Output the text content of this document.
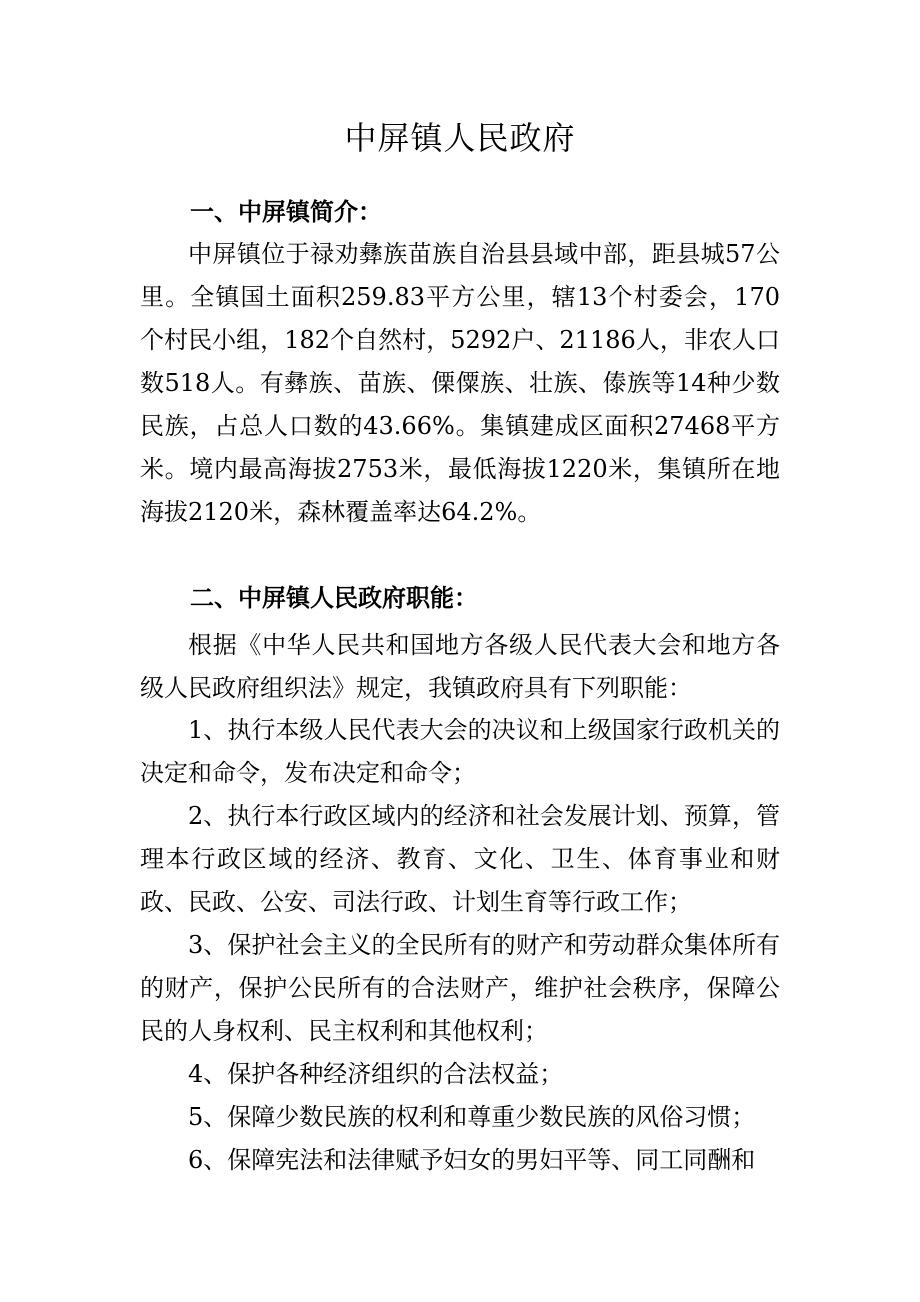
中屏镇人民政府
一、中屏镇简介：

中屏镇位于禄劝彝族苗族自治县县域中部，距县城57公里。全镇国土面积259.83平方公里，辖13个村委会，170个村民小组，182个自然村，5292户、21186人，非农人口数518人。有彝族、苗族、傈僳族、壮族、傣族等14种少数民族，占总人口数的43.66%。集镇建成区面积27468平方米。境内最高海拔2753米，最低海拔1220米，集镇所在地海拔2120米，森林覆盖率达64.2%。

二、中屏镇人民政府职能：

根据《中华人民共和国地方各级人民代表大会和地方各级人民政府组织法》规定，我镇政府具有下列职能：

1、执行本级人民代表大会的决议和上级国家行政机关的决定和命令，发布决定和命令；

2、执行本行政区域内的经济和社会发展计划、预算，管理本行政区域的经济、教育、文化、卫生、体育事业和财政、民政、公安、司法行政、计划生育等行政工作；

3、保护社会主义的全民所有的财产和劳动群众集体所有的财产，保护公民所有的合法财产，维护社会秩序，保障公民的人身权利、民主权利和其他权利；

4、保护各种经济组织的合法权益；

5、保障少数民族的权利和尊重少数民族的风俗习惯；

6、保障宪法和法律赋予妇女的男妇平等、同工同酬和
